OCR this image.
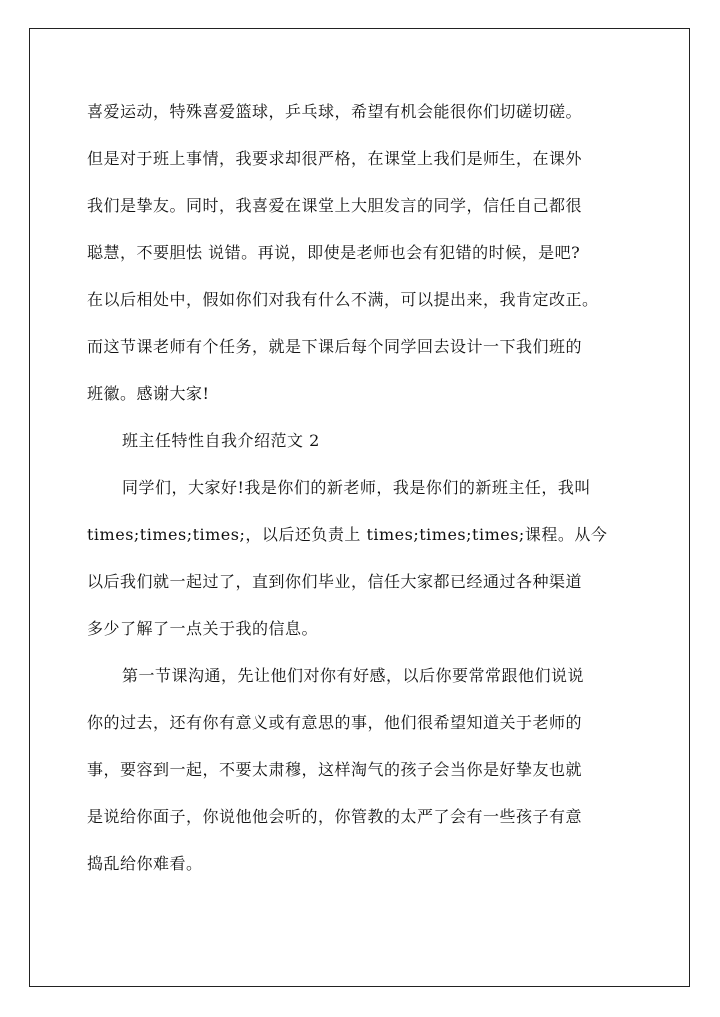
喜爱运动，特殊喜爱篮球，乒乓球，希望有机会能很你们切磋切磋。
但是对于班上事情，我要求却很严格，在课堂上我们是师生，在课外
我们是挚友。同时，我喜爱在课堂上大胆发言的同学，信任自己都很
聪慧，不要胆怯 说错。再说，即使是老师也会有犯错的时候，是吧?
在以后相处中，假如你们对我有什么不满，可以提出来，我肯定改正。
而这节课老师有个任务，就是下课后每个同学回去设计一下我们班的
班徽。感谢大家!
班主任特性自我介绍范文 2
同学们，大家好!我是你们的新老师，我是你们的新班主任，我叫
times;times;times;，以后还负责上 times;times;times;课程。从今
以后我们就一起过了，直到你们毕业，信任大家都已经通过各种渠道
多少了解了一点关于我的信息。
第一节课沟通，先让他们对你有好感，以后你要常常跟他们说说
你的过去，还有你有意义或有意思的事，他们很希望知道关于老师的
事，要容到一起，不要太肃穆，这样淘气的孩子会当你是好挚友也就
是说给你面子，你说他他会听的，你管教的太严了会有一些孩子有意
捣乱给你难看。
